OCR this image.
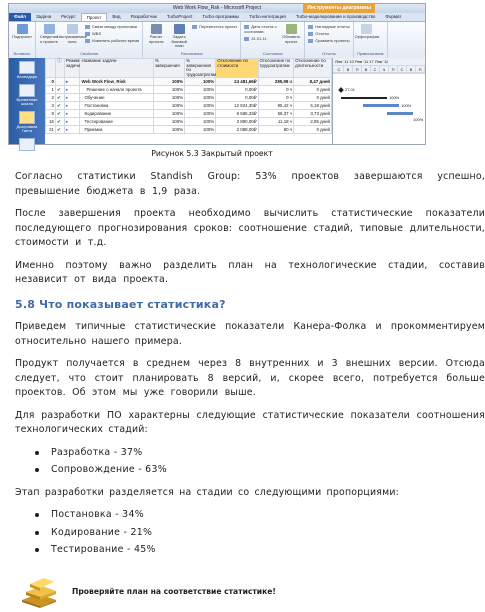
Web Work Flow_Rsk - Microsoft Project	Инструменты диаграммы
Файл	Задача	Ресурс	Проект	Вид	Разработчик	TurboProject	Turbo-программы	Turbo-интеграция	Turbo-моделирование и производство	Формат
Подпроект
Вставить
Сведения о проекте
Настраиваемые поля
Связи между проектами
WBS
Изменить рабочее время
Свойства
Расчет проекта
Задать базовый план
Переместить проект
Расписание
Дата отчета о состоянии:
31.01.11	Обновить проект
Состояние
Наглядные отчеты
Отчеты
Сравнить проекты
Отчеты
Орфография
Правописание
Календарь
Временная шкала
Диаграмма Ганта
Использование задач
	ⓘ	Режим задачи	Название задачи	% завершения	% завершения по трудозатратам	Отклонение по стоимости	Отклонение по трудозатратам	Отклонение по длительности
0		▸	Web Work Flow_Risk	100%	100%	24 481,66₽	285,98 ч	8,47 дней
1	✔	▸	Решение о начале проекта	100%	100%	0,00₽	0 ч	0 дней
2	✔	▸	Обучение	100%	100%	0,00₽	0 ч	0 дней
3	✔	▸	Постановка	100%	100%	12 824,30₽	95,42 ч	6,18 дней
8	✔	▸	Кодирование	100%	100%	6 586,33₽	58,37 ч	3,73 дней
16	✔	▸	Тестирование	100%	100%	3 890,00₽	11,18 ч	2,95 дней
21	✔	▸	Приемка	100%	100%	2 088,00₽	80 ч	0 дней
Янв '11 10 Янв '11 17 Янв '11
С	В	П	В	С	Ч	П	С	В	П
27.01
100%
100%
100%
Рисунок 5.3 Закрытый проект

Согласно статистики Standish Group: 53% проектов завершаются успешно, превышение бюджета в 1,9 раза.

После завершения проекта необходимо вычислить статистические показатели последующего прогнозирования сроков: соотношение стадий, типовые длительности, стоимости и т.д.

Именно поэтому важно разделить план на технологические стадии, составив независит от вида проекта.

5.8 Что показывает статистика?

Приведем типичные статистические показатели Канера-Фолка и прокомментируем относительно нашего примера.

Продукт получается в среднем через 8 внутренних и 3 внешних версии. Отсюда следует, что стоит планировать 8 версий, и, скорее всего, потребуется больше проектов. Об этом мы уже говорили выше.

Для разработки ПО характерны следующие статистические показатели соотношения технологических стадий:

Разработка - 37%
Сопровождение - 63%

Этап разработки разделяется на стадии со следующими пропорциями:

Постановка - 34%
Кодирование - 21%
Тестирование - 45%
Проверяйте план на соответствие статистике!
